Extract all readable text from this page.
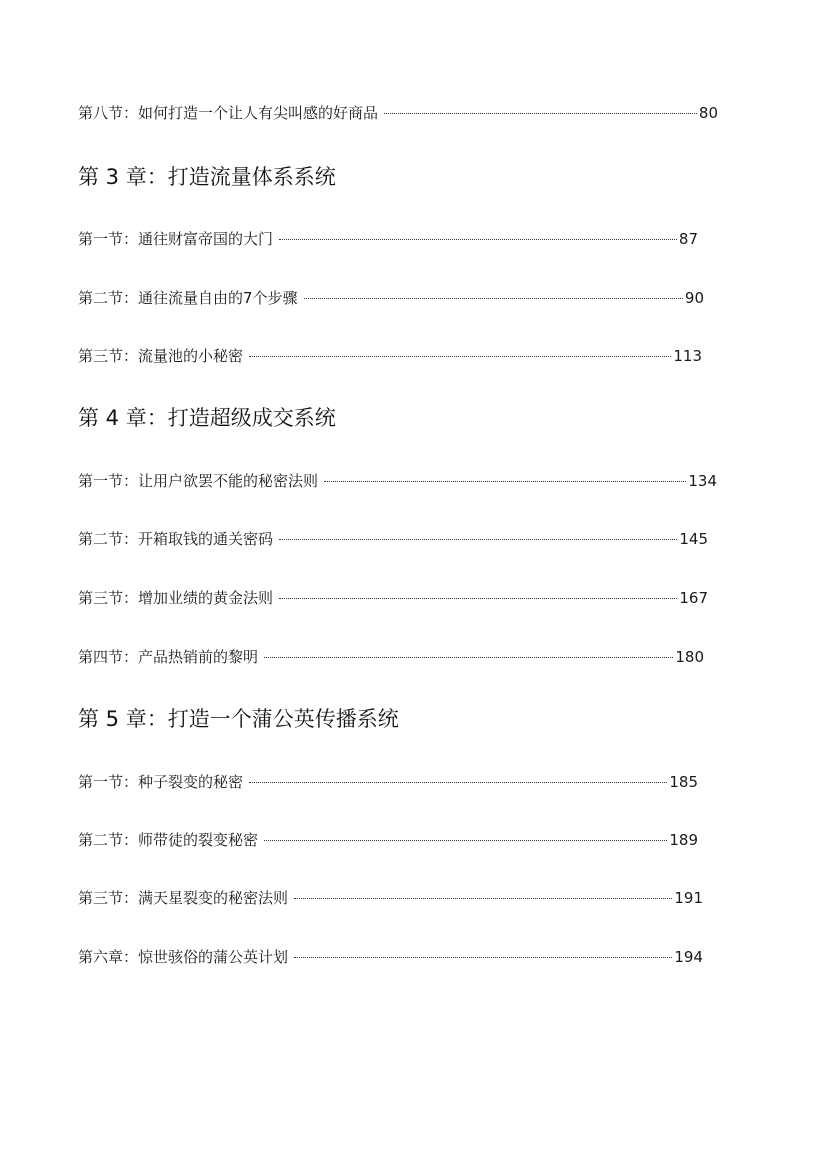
第八节：如何打造一个让人有尖叫感的好商品	80
第 3 章：打造流量体系系统
第一节：通往财富帝国的大门	87
第二节：通往流量自由的7个步骤	90
第三节：流量池的小秘密	113
第 4 章：打造超级成交系统
第一节：让用户欲罢不能的秘密法则	134
第二节：开箱取钱的通关密码	145
第三节：增加业绩的黄金法则	167
第四节：产品热销前的黎明	180
第 5 章：打造一个蒲公英传播系统
第一节：种子裂变的秘密	185
第二节：师带徒的裂变秘密	189
第三节：满天星裂变的秘密法则	191
第六章：惊世骇俗的蒲公英计划	194
